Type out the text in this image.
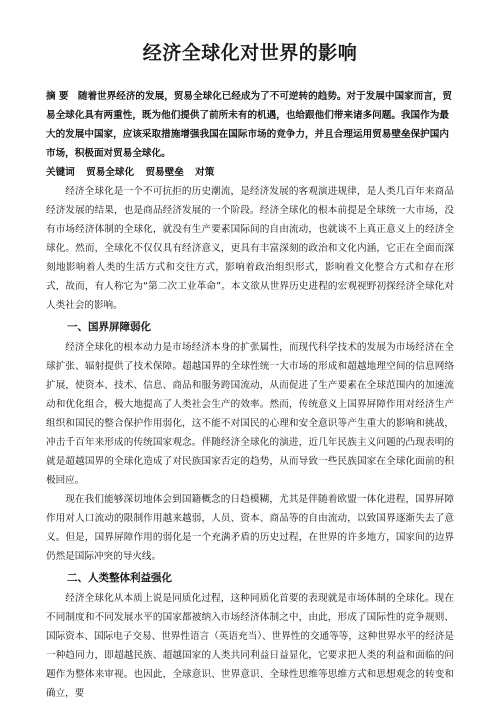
经济全球化对世界的影响

摘 要 随着世界经济的发展，贸易全球化已经成为了不可逆转的趋势。对于发展中国家而言，贸易全球化具有两重性，既为他们提供了前所未有的机遇，也给跟他们带来诸多问题。我国作为最大的发展中国家，应该采取措施增强我国在国际市场的竞争力，并且合理运用贸易壁垒保护国内市场，积极面对贸易全球化。

关键词 贸易全球化 贸易壁垒 对策

经济全球化是一个不可抗拒的历史潮流，是经济发展的客观演进规律，是人类几百年来商品经济发展的结果，也是商品经济发展的一个阶段。经济全球化的根本前提是全球统一大市场，没有市场经济体制的全球化，就没有生产要素国际间的自由流动，也就谈不上真正意义上的经济全球化。然而，全球化不仅仅具有经济意义，更具有丰富深刻的政治和文化内涵，它正在全面而深刻地影响着人类的生活方式和交往方式，影响着政治组织形式，影响着文化整合方式和存在形式，故而，有人称它为“第二次工业革命”。本文欲从世界历史进程的宏观视野初探经济全球化对人类社会的影响。

一、国界屏障弱化

经济全球化的根本动力是市场经济本身的扩张属性，而现代科学技术的发展为市场经济在全球扩张、辐射提供了技术保障。超越国界的全球性统一大市场的形成和超越地理空间的信息网络扩展，使资本、技术、信息、商品和服务跨国流动，从而促进了生产要素在全球范围内的加速流动和优化组合，极大地提高了人类社会生产的效率。然而，传统意义上国界屏障作用对经济生产组织和国民的整合保护作用弱化，这不能不对国民的心理和安全意识等产生重大的影响和挑战，冲击千百年来形成的传统国家观念。伴随经济全球化的演进，近几年民族主义问题的凸现表明的就是超越国界的全球化造成了对民族国家否定的趋势，从而导致一些民族国家在全球化面前的积极回应。

现在我们能够深切地体会到国籍概念的日趋模糊，尤其是伴随着欧盟一体化进程，国界屏障作用对人口流动的限制作用越来越弱，人员、资本、商品等的自由流动，以致国界逐渐失去了意义。但是，国界屏障作用的弱化是一个充满矛盾的历史过程，在世界的许多地方，国家间的边界仍然是国际冲突的导火线。

二、人类整体利益强化

经济全球化从本质上说是同质化过程，这种同质化首要的表现就是市场体制的全球化。现在不同制度和不同发展水平的国家都被纳入市场经济体制之中，由此，形成了国际性的竞争规则、国际资本、国际电子交易、世界性语言（英语充当）、世界性的交通等等，这种世界水平的经济是一种趋同力，即超越民族、超越国家的人类共同利益日益显化，它要求把人类的利益和面临的问题作为整体来审视。也因此，全球意识、世界意识、全球性思维等思维方式和思想观念的转变和确立，要
